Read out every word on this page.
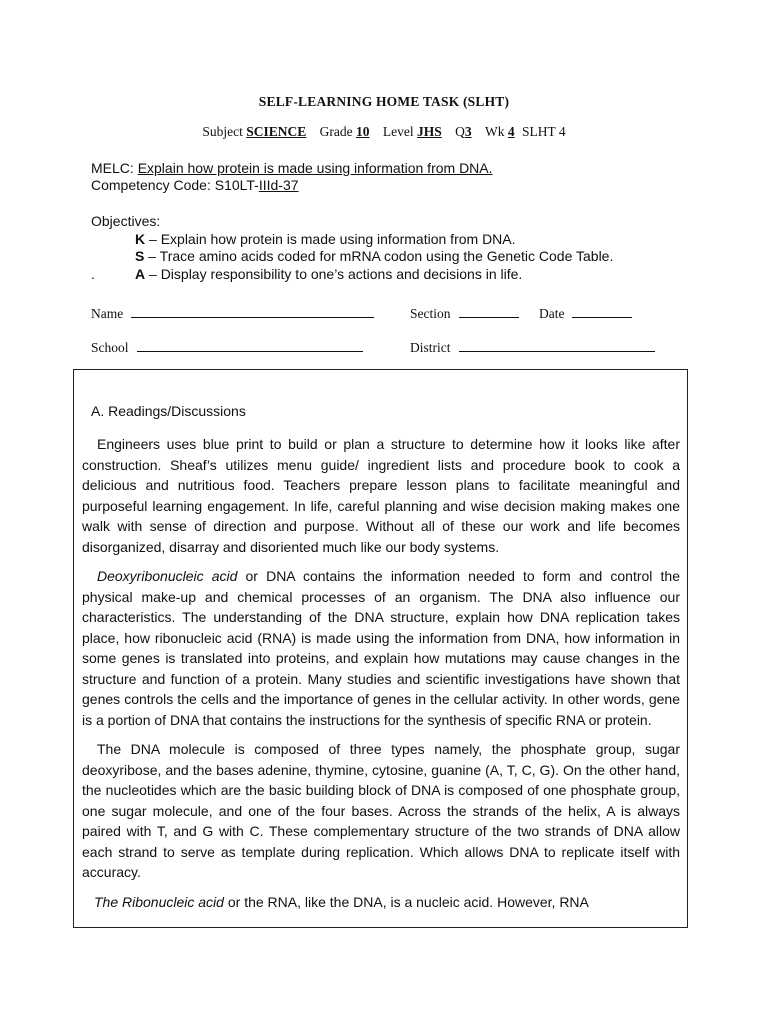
SELF-LEARNING HOME TASK (SLHT)
Subject SCIENCE Grade 10 Level JHS Q3 Wk 4 SLHT 4
MELC: Explain how protein is made using information from DNA.
Competency Code: S10LT-IIId-37
Objectives:
K – Explain how protein is made using information from DNA.
S – Trace amino acids coded for mRNA codon using the Genetic Code Table.
.	A – Display responsibility to one’s actions and decisions in life.
Name	Section	Date
School	District
A. Readings/Discussions

Engineers uses blue print to build or plan a structure to determine how it looks like after construction. Sheaf’s utilizes menu guide/ ingredient lists and procedure book to cook a delicious and nutritious food. Teachers prepare lesson plans to facilitate meaningful and purposeful learning engagement. In life, careful planning and wise decision making makes one walk with sense of direction and purpose. Without all of these our work and life becomes disorganized, disarray and disoriented much like our body systems.

Deoxyribonucleic acid or DNA contains the information needed to form and control the physical make-up and chemical processes of an organism. The DNA also influence our characteristics. The understanding of the DNA structure, explain how DNA replication takes place, how ribonucleic acid (RNA) is made using the information from DNA, how information in some genes is translated into proteins, and explain how mutations may cause changes in the structure and function of a protein. Many studies and scientific investigations have shown that genes controls the cells and the importance of genes in the cellular activity. In other words, gene is a portion of DNA that contains the instructions for the synthesis of specific RNA or protein.

The DNA molecule is composed of three types namely, the phosphate group, sugar deoxyribose, and the bases adenine, thymine, cytosine, guanine (A, T, C, G). On the other hand, the nucleotides which are the basic building block of DNA is composed of one phosphate group, one sugar molecule, and one of the four bases. Across the strands of the helix, A is always paired with T, and G with C. These complementary structure of the two strands of DNA allow each strand to serve as template during replication. Which allows DNA to replicate itself with accuracy.

The Ribonucleic acid or the RNA, like the DNA, is a nucleic acid. However, RNA
